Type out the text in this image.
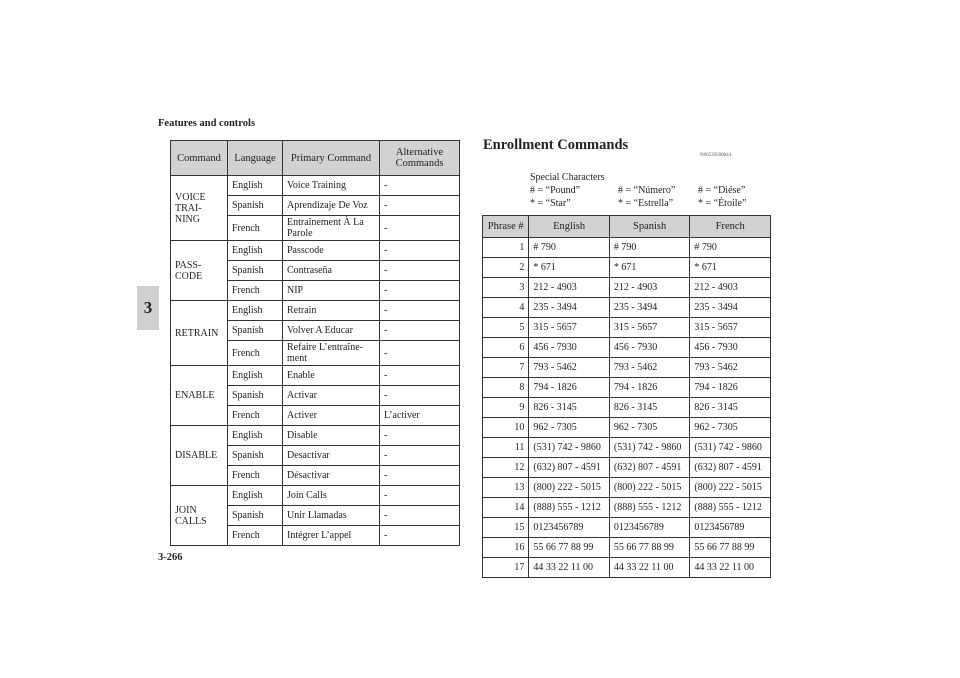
Features and controls
3
3-266
Command	Language	Primary Command	Alternative Commands
VOICE TRAI-NING	English	Voice Training	-
	Spanish	Aprendizaje De Voz	-
	French	Entraînement À La Parole	-
PASS-CODE	English	Passcode	-
	Spanish	Contraseña	-
	French	NIP	-
RETRAIN	English	Retrain	-
	Spanish	Volver A Educar	-
	French	Refaire L’entraîne-ment	-
ENABLE	English	Enable	-
	Spanish	Activar	-
	French	Activer	L’activer
DISABLE	English	Disable	-
	Spanish	Desactivar	-
	French	Désactivar	-
JOIN CALLS	English	Join Calls	-
	Spanish	Unir Llamadas	-
	French	Intégrer L’appel	-
Enrollment Commands
N00539500044
Special Characters
# = “Pound”	# = “Número”	# = “Diése”
* = “Star”	* = “Estrella”	* = “Étoile”
Phrase #	English	Spanish	French
1	# 790	# 790	# 790
2	* 671	* 671	* 671
3	212 - 4903	212 - 4903	212 - 4903
4	235 - 3494	235 - 3494	235 - 3494
5	315 - 5657	315 - 5657	315 - 5657
6	456 - 7930	456 - 7930	456 - 7930
7	793 - 5462	793 - 5462	793 - 5462
8	794 - 1826	794 - 1826	794 - 1826
9	826 - 3145	826 - 3145	826 - 3145
10	962 - 7305	962 - 7305	962 - 7305
11	(531) 742 - 9860	(531) 742 - 9860	(531) 742 - 9860
12	(632) 807 - 4591	(632) 807 - 4591	(632) 807 - 4591
13	(800) 222 - 5015	(800) 222 - 5015	(800) 222 - 5015
14	(888) 555 - 1212	(888) 555 - 1212	(888) 555 - 1212
15	0123456789	0123456789	0123456789
16	55 66 77 88 99	55 66 77 88 99	55 66 77 88 99
17	44 33 22 11 00	44 33 22 11 00	44 33 22 11 00
